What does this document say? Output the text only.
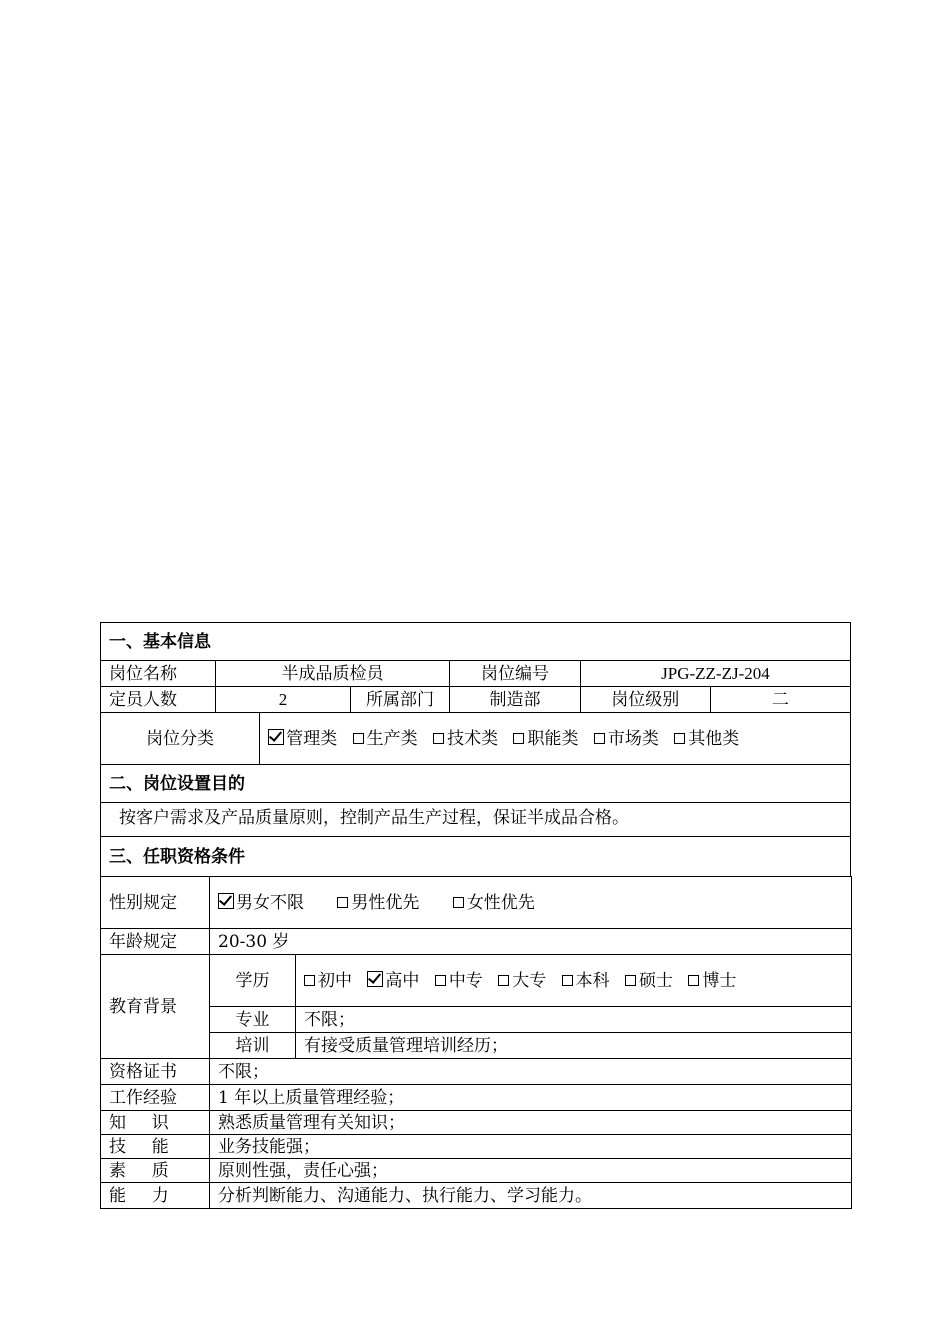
一、基本信息						
岗位名称	半成品质检员			岗位编号	JPG-ZZ-ZJ-204	
定员人数	2		所属部门	制造部	岗位级别	二
岗位分类		管理类 生产类 技术类 职能类 市场类 其他类				
二、岗位设置目的						
按客户需求及产品质量原则，控制产品生产过程，保证半成品合格。						
三、任职资格条件						
性别规定	男女不限 男性优先 女性优先	
年龄规定	20-30 岁	
教育背景	学历	初中 高中 中专 大专 本科 硕士 博士
	专业	不限；
	培训	有接受质量管理培训经历；
资格证书	不限；	
工作经验	1 年以上质量管理经验；	
知 识	熟悉质量管理有关知识；	
技 能	业务技能强；	
素 质	原则性强，责任心强；	
能 力	分析判断能力、沟通能力、执行能力、学习能力。	
